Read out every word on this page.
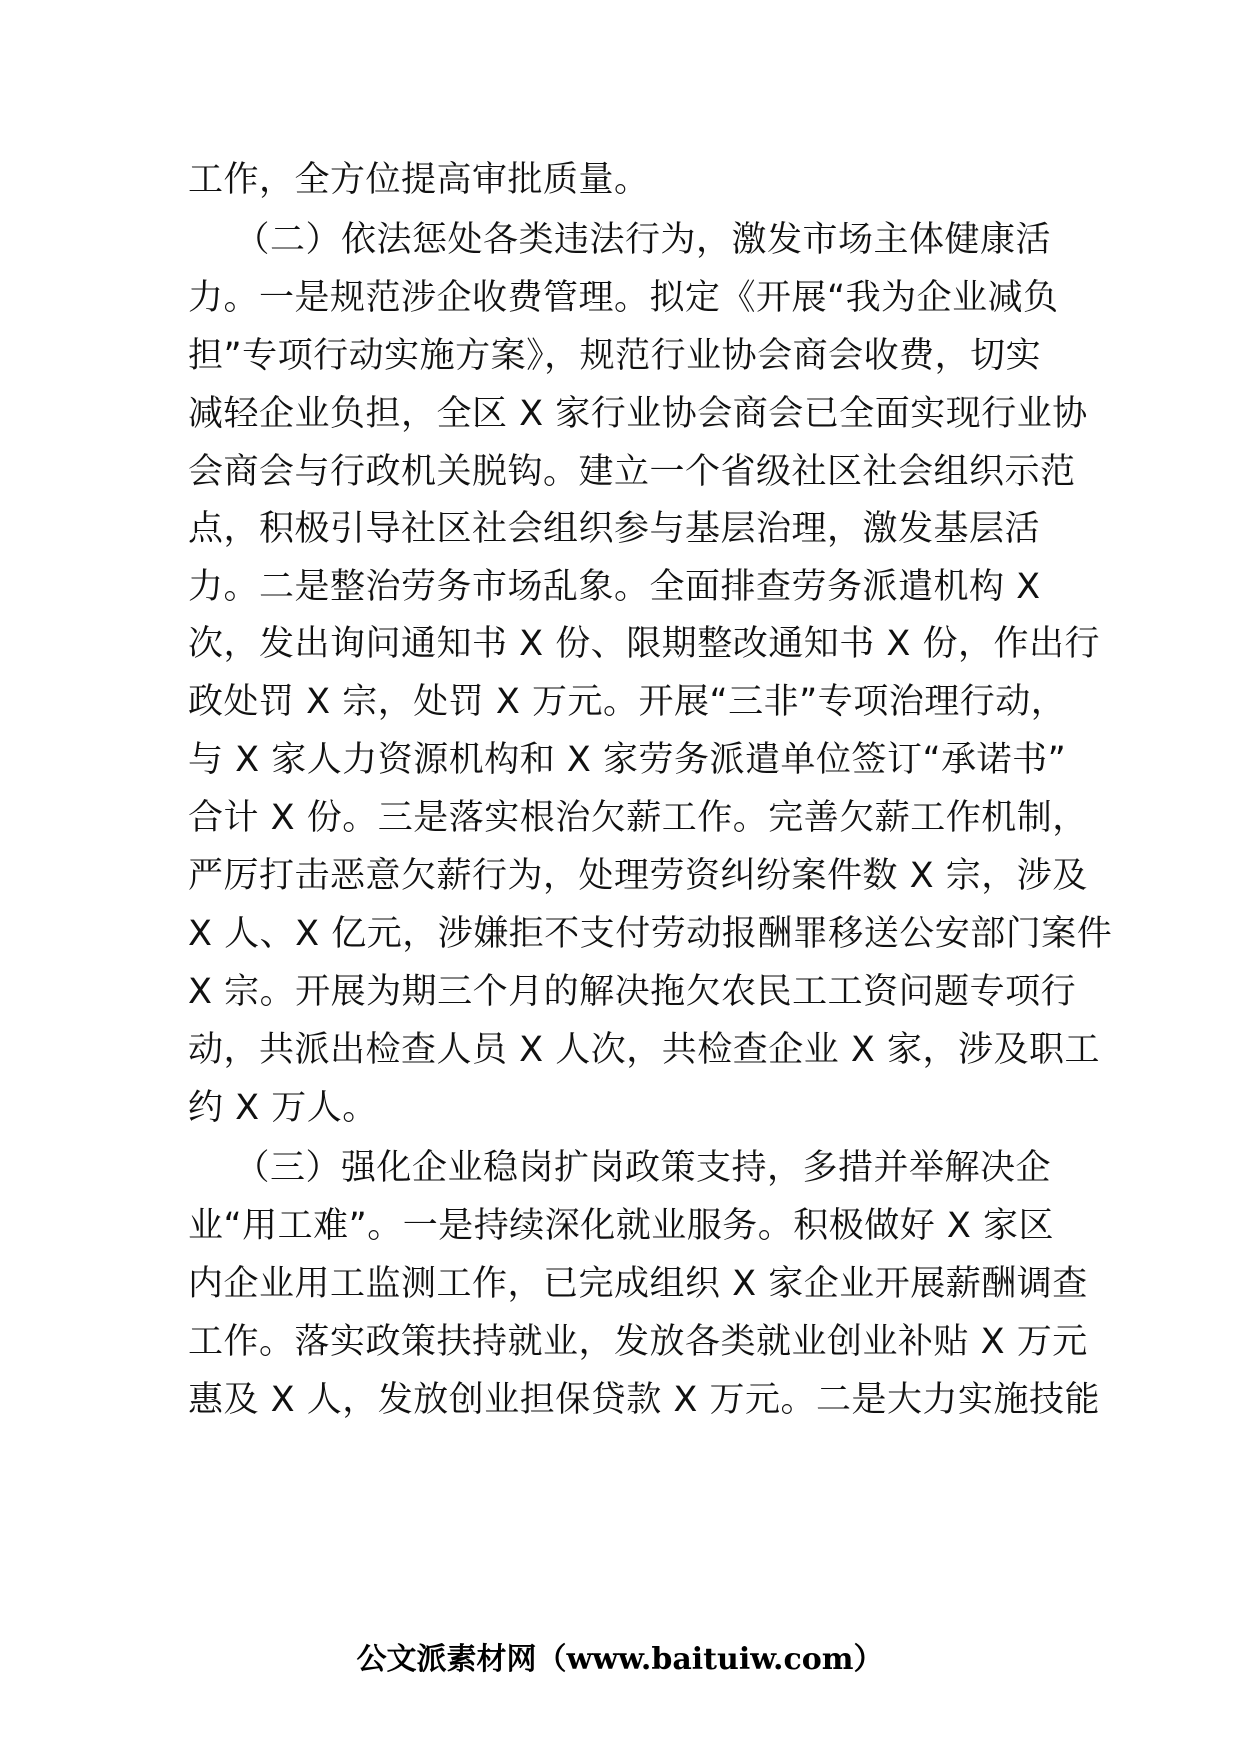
工作，全方位提高审批质量。
（二）依法惩处各类违法行为，激发市场主体健康活
力。一是规范涉企收费管理。拟定《开展“我为企业减负
担”专项行动实施方案》，规范行业协会商会收费，切实
减轻企业负担，全区 X 家行业协会商会已全面实现行业协
会商会与行政机关脱钩。建立一个省级社区社会组织示范
点，积极引导社区社会组织参与基层治理，激发基层活
力。二是整治劳务市场乱象。全面排查劳务派遣机构 X
次，发出询问通知书 X 份、限期整改通知书 X 份，作出行
政处罚 X 宗，处罚 X 万元。开展“三非”专项治理行动，
与 X 家人力资源机构和 X 家劳务派遣单位签订“承诺书”
合计 X 份。三是落实根治欠薪工作。完善欠薪工作机制，
严厉打击恶意欠薪行为，处理劳资纠纷案件数 X 宗，涉及
X 人、X 亿元，涉嫌拒不支付劳动报酬罪移送公安部门案件
X 宗。开展为期三个月的解决拖欠农民工工资问题专项行
动，共派出检查人员 X 人次，共检查企业 X 家，涉及职工
约 X 万人。
（三）强化企业稳岗扩岗政策支持，多措并举解决企
业“用工难”。一是持续深化就业服务。积极做好 X 家区
内企业用工监测工作，已完成组织 X 家企业开展薪酬调查
工作。落实政策扶持就业，发放各类就业创业补贴 X 万元
惠及 X 人，发放创业担保贷款 X 万元。二是大力实施技能
公文派素材网（www.baituiw.com）
